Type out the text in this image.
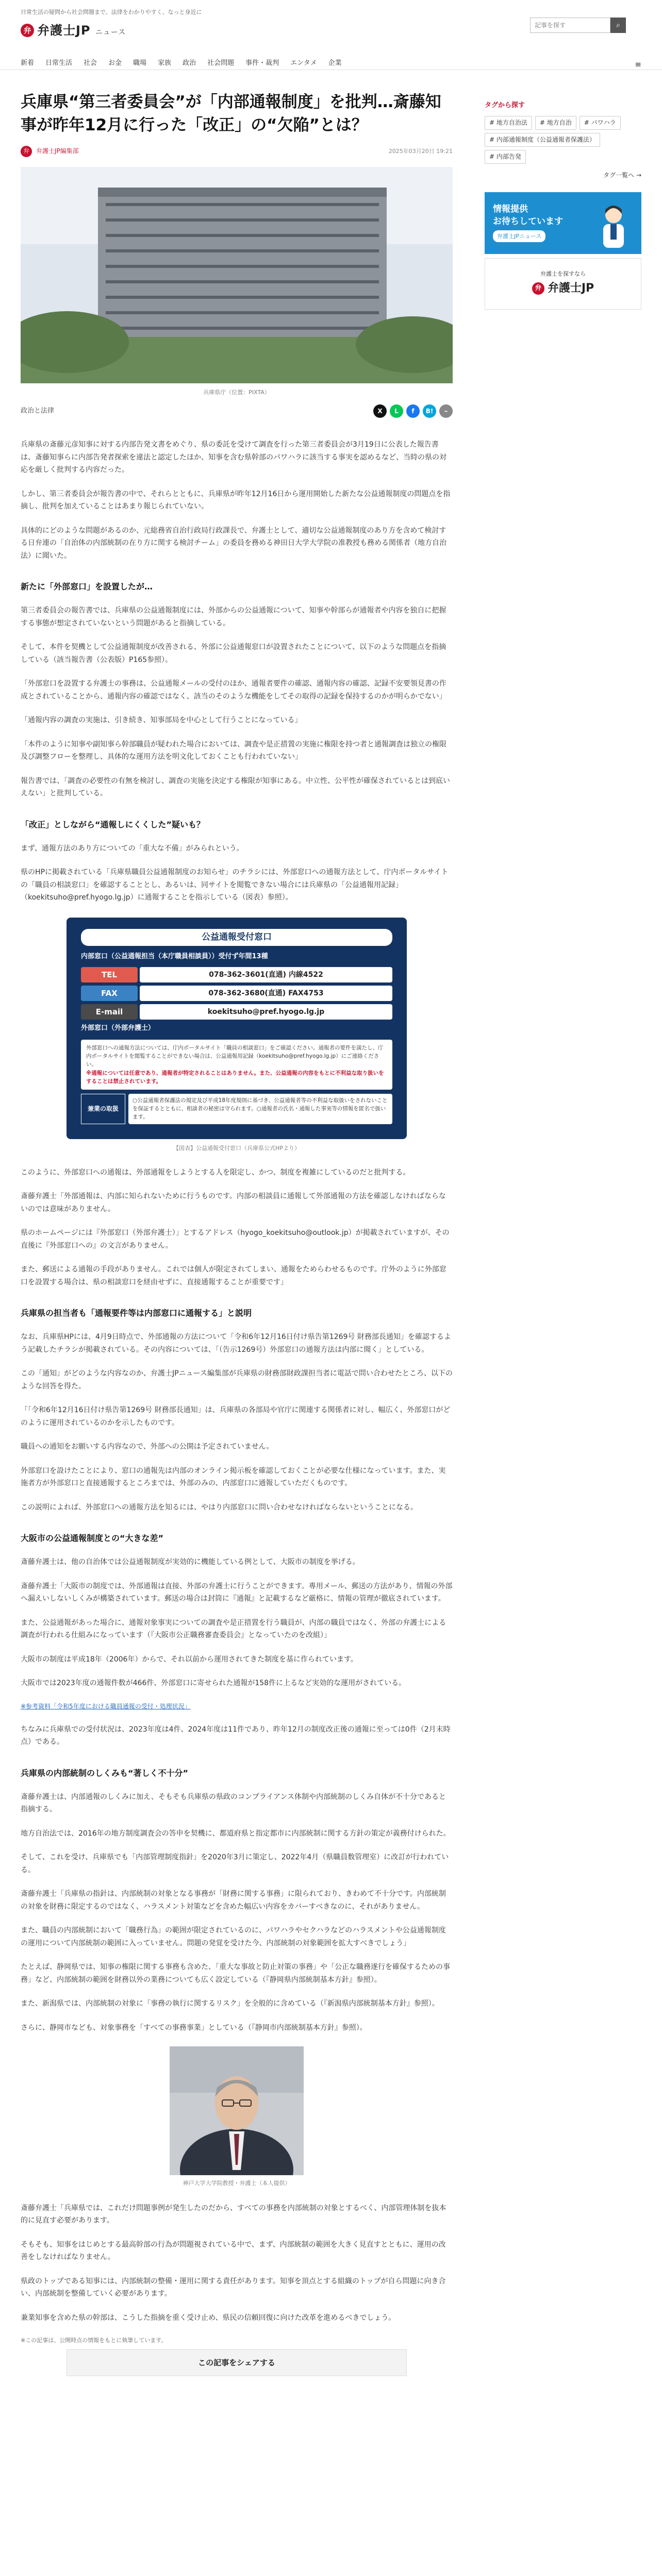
日常生活の疑問から社会問題まで、法律をわかりやすく、なっと身近に
弁 弁護士JP ニュース
記事を探す
⌕
新着 日常生活 社会 お金 職場 家族 政治 社会問題 事件・裁判 エンタメ 企業	≡
兵庫県“第三者委員会”が「内部通報制度」を批判…斎藤知事が昨年12月に行った「改正」の“欠陥”とは？
弁	弁護士JP編集部	2025年03月20日 19:21
兵庫県庁（位置：PIXTA）
政治と法律	X	L	f	B!	⌁

兵庫県の斎藤元彦知事に対する内部告発文書をめぐり、県の委託を受けて調査を行った第三者委員会が3月19日に公表した報告書は、斎藤知事らに内部告発者探索を違法と認定したほか、知事を含む県幹部のパワハラに該当する事実を認めるなど、当時の県の対応を厳しく批判する内容だった。

しかし、第三者委員会が報告書の中で、それらとともに、兵庫県が昨年12月16日から運用開始した新たな公益通報制度の問題点を指摘し、批判を加えていることはあまり報じられていない。

具体的にどのような問題があるのか、元総務省自治行政局行政課長で、弁護士として、適切な公益通報制度のあり方を含めて検討する日弁連の「自治体の内部統制の在り方に関する検討チーム」の委員を務める神田日大学大学院の准教授も務める関係者（地方自治法）に聞いた。

新たに「外部窓口」を設置したが…

第三者委員会の報告書では、兵庫県の公益通報制度には、外部からの公益通報について、知事や幹部らが通報者や内容を独自に把握する事態が想定されていないという問題があると指摘している。

そして、本件を契機として公益通報制度が改善される、外部に公益通報窓口が設置されたことについて、以下のような問題点を指摘している（該当報告書（公表版）P165参照）。

「外部窓口を設置する弁護士の事務は、公益通報メールの受付のほか、通報者要件の確認、通報内容の確認、記録不安要領見書の作成とされていることから、通報内容の確認ではなく、該当のそのような機能をしてその取得の記録を保持するのかが明らかでない」

「通報内容の調査の実施は、引き続き、知事部局を中心として行うことになっている」

「本件のように知事や副知事ら幹部職員が疑われた場合においては、調査や是正措置の実施に権限を持つ者と通報調査は独立の権限及び調整フローを整理し、具体的な運用方法を明文化しておくことも行われていない」

報告書では、「調査の必要性の有無を検討し、調査の実施を決定する権限が知事にある。中立性、公平性が確保されているとは到底いえない」と批判している。

「改正」としながら“通報しにくくした”疑いも？

まず、通報方法のあり方についての「重大な不備」がみられという。

県のHPに掲載されている「兵庫県職員公益通報制度のお知らせ」のチラシには、外部窓口への通報方法として、庁内ポータルサイトの「職員の相談窓口」を確認することとし、あるいは、同サイトを閲覧できない場合には兵庫県の「公益通報用記録」（koekitsuho@pref.hyogo.lg.jp）に通報することを指示している（図表）参照）。

公益通報受付窓口
内部窓口（公益通報担当（本庁職員相談員））受付ず年間13種
TEL	078-362-3601(直通) 内線4522
FAX	078-362-3680(直通) FAX4753
E-mail	koekitsuho@pref.hyogo.lg.jp
外部窓口（外部弁護士）
外部窓口への通報方法については、庁内ポータルサイト「職員の相談窓口」をご確認ください。通報者の要件を満たし、庁内ポータルサイトを閲覧することができない場合は、公益通報用記録（koekitsuho@pref.hyogo.lg.jp）にご連絡ください。
※通報については任意であり、通報者が特定されることはありません。また、公益通報の内容をもとに不利益な取り扱いをすることは禁止されています。
兼業の取扱
○公益通報者保護法の規定及び平成18年度規則に基づき、公益通報者等の不利益な取扱いをされないことを保証するとともに、相談者の秘密は守られます。○通報者の氏名・通報した事実等の情報を匿名で扱います。
【図表】公益通報受付窓口（兵庫県公式HPより）

このように、外部窓口への通報は、外部通報をしようとする人を限定し、かつ、制度を複雑にしているのだと批判する。

斎藤弁護士「外部通報は、内部に知られないために行うものです。内部の相談員に通報して外部通報の方法を確認しなければならないのでは意味がありません。

県のホームページには『外部窓口（外部弁護士）」とするアドレス（hyogo_koekitsuho@outlook.jp）が掲載されていますが、その直後に『外部窓口への』の文言がありません。

また、郵送による通報の手段がありません。これでは個人が限定されてしまい、通報をためらわせるものです。庁外のように外部窓口を設置する場合は、県の相談窓口を経由せずに、直接通報することが重要です」

兵庫県の担当者も「通報要件等は内部窓口に通報する」と説明

なお、兵庫県HPには、4月9日時点で、外部通報の方法について「令和6年12月16日付け県告第1269号 財務部長通知」を確認するよう記載したチラシが掲載されている。その内容については、「（告示1269号）外部窓口の通報方法は内部に聞く」としている。

この「通知」がどのような内容なのか、弁護士JPニュース編集部が兵庫県の財務部財政課担当者に電話で問い合わせたところ、以下のような回答を得た。

「「令和6年12月16日付け県告第1269号 財務部長通知」は、兵庫県の各部局や官庁に関連する関係者に対し、幅広く、外部窓口がどのように運用されているのかを示したものです。

職員への通知をお願いする内容なので、外部への公開は予定されていません。

外部窓口を設けたことにより、窓口の通報先は内部のオンライン掲示板を確認しておくことが必要な仕様になっています。また、実施者方が外部窓口と直接通報するところまでは、外部のみの、内部窓口に通報していただくものです。

この説明によれば、外部窓口への通報方法を知るには、やはり内部窓口に問い合わせなければならないということになる。

大阪市の公益通報制度との“大きな差”

斎藤弁護士は、他の自治体では公益通報制度が実効的に機能している例として、大阪市の制度を挙げる。

斎藤弁護士「大阪市の制度では、外部通報は直接、外部の弁護士に行うことができます。專用メール、郵送の方法があり、情報の外部へ漏えいしないしくみが構築されています。郵送の場合は封筒に『通報』と記載するなど厳格に、情報の管理が徹底されています。

また、公益通報があった場合に、通報対象事実についての調査や是正措置を行う職員が、内部の職員ではなく、外部の弁護士による調査が行われる仕組みになっています（『大阪市公正職務審査委員会』となっていたのを改組）」

大阪市の制度は平成18年（2006年）からで、それ以前から運用されてきた制度を基に作られています。

大阪市では2023年度の通報件数が466件、外部窓口に寄せられた通報が158件に上るなど実効的な運用がされている。

※参考資料「令和5年度における職員通報の受付・処理状況」

ちなみに兵庫県での受付状況は、2023年度は4件、2024年度は11件であり、昨年12月の制度改正後の通報に至っては0件（2月末時点）である。

兵庫県の内部統制のしくみも“著しく不十分”

斎藤弁護士は、内部通報のしくみに加え、そもそも兵庫県の県政のコンプライアンス体制や内部統制のしくみ自体が不十分であると指摘する。

地方自治法では、2016年の地方制度調査会の答申を契機に、都道府県と指定都市に内部統制に関する方針の策定が義務付けられた。

そして、これを受け、兵庫県でも「内部管理制度指針」を2020年3月に策定し、2022年4月（県職員数管理室）に改訂が行われている。

斎藤弁護士「兵庫県の指針は、内部統制の対象となる事務が「財務に関する事務」に限られており、きわめて不十分です。内部統制の対象を財務に限定するのではなく、ハラスメント対策などを含めた幅広い内容をカバーすべきなのに、それがありません。

また、職員の内部統制において「職務行為」の範囲が限定されているのに、パワハラやセクハラなどのハラスメントや公益通報制度の運用について内部統制の範囲に入っていません。問題の発覚を受けた今、内部統制の対象範囲を拡大すべきでしょう」

たとえば、静岡県では、知事の権限に関する事務も含めた、「重大な事故と防止対策の事務」や「公正な職務遂行を確保するための事務」など、内部統制の範囲を財務以外の業務についても広く設定している（『静岡県内部統制基本方針』参照）。

また、新潟県では、内部統制の対象に「事務の執行に関するリスク」を全般的に含めている（『新潟県内部統制基本方針』参照）。

さらに、静岡市なども、対象事務を「すべての事務事業」としている（『静岡市内部統制基本方針』参照）。

神戸大学大学院教授・弁護士（本人提供）

斎藤弁護士「兵庫県では、これだけ問題事例が発生したのだから、すべての事務を内部統制の対象とするべく、内部管理体制を抜本的に見直す必要があります。

そもそも、知事をはじめとする最高幹部の行為が問題視されている中で、まず、内部統制の範囲を大きく見直すとともに、運用の改善をしなければなりません。

県政のトップである知事には、内部統制の整備・運用に関する責任があります。知事を頂点とする組織のトップが自ら問題に向き合い、内部統制を整備していく必要があります。

兼業知事を含めた県の幹部は、こうした指摘を重く受け止め、県民の信頼回復に向けた改革を進めるべきでしょう。

※この記事は、公開時点の情報をもとに執筆しています。
この記事をシェアする
タグから探す
# 地方自治法	# 地方自治	# パワハラ
# 内部通報制度（公益通報者保護法）
# 内部告発
タグ一覧へ →
情報提供
お待ちしています
弁護士JPニュース
弁護士を探すなら
弁 弁護士JP
